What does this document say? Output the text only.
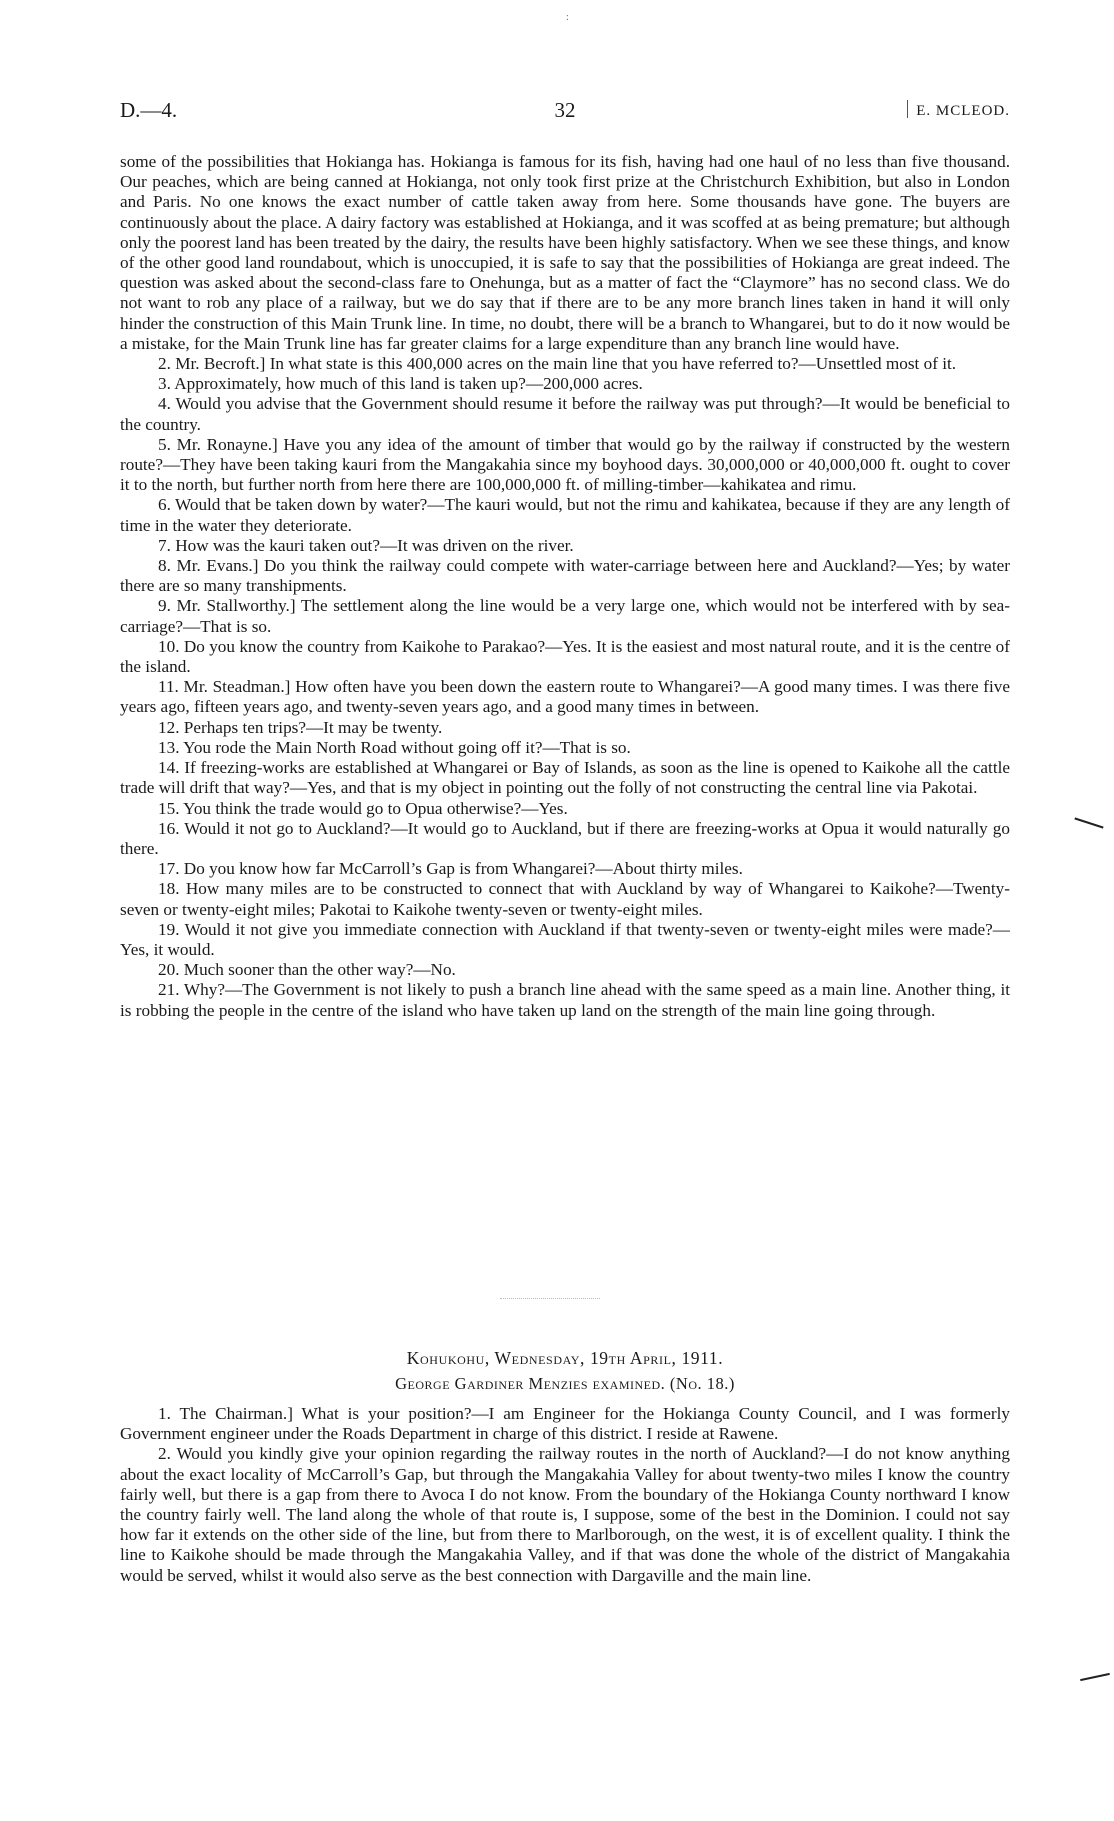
:
D.—4.	32	E. MCLEOD.

some of the possibilities that Hokianga has. Hokianga is famous for its fish, having had one haul of no less than five thousand. Our peaches, which are being canned at Hokianga, not only took first prize at the Christchurch Exhibition, but also in London and Paris. No one knows the exact number of cattle taken away from here. Some thousands have gone. The buyers are continuously about the place. A dairy factory was established at Hokianga, and it was scoffed at as being premature; but although only the poorest land has been treated by the dairy, the results have been highly satisfactory. When we see these things, and know of the other good land roundabout, which is unoccupied, it is safe to say that the possibilities of Hokianga are great indeed. The question was asked about the second-class fare to Onehunga, but as a matter of fact the “Claymore” has no second class. We do not want to rob any place of a railway, but we do say that if there are to be any more branch lines taken in hand it will only hinder the construction of this Main Trunk line. In time, no doubt, there will be a branch to Whangarei, but to do it now would be a mistake, for the Main Trunk line has far greater claims for a large expenditure than any branch line would have.

2. Mr. Becroft.] In what state is this 400,000 acres on the main line that you have referred to?—Unsettled most of it.

3. Approximately, how much of this land is taken up?—200,000 acres.

4. Would you advise that the Government should resume it before the railway was put through?—It would be beneficial to the country.

5. Mr. Ronayne.] Have you any idea of the amount of timber that would go by the railway if constructed by the western route?—They have been taking kauri from the Mangakahia since my boyhood days. 30,000,000 or 40,000,000 ft. ought to cover it to the north, but further north from here there are 100,000,000 ft. of milling-timber—kahikatea and rimu.

6. Would that be taken down by water?—The kauri would, but not the rimu and kahikatea, because if they are any length of time in the water they deteriorate.

7. How was the kauri taken out?—It was driven on the river.

8. Mr. Evans.] Do you think the railway could compete with water-carriage between here and Auckland?—Yes; by water there are so many transhipments.

9. Mr. Stallworthy.] The settlement along the line would be a very large one, which would not be interfered with by sea-carriage?—That is so.

10. Do you know the country from Kaikohe to Parakao?—Yes. It is the easiest and most natural route, and it is the centre of the island.

11. Mr. Steadman.] How often have you been down the eastern route to Whangarei?—A good many times. I was there five years ago, fifteen years ago, and twenty-seven years ago, and a good many times in between.

12. Perhaps ten trips?—It may be twenty.

13. You rode the Main North Road without going off it?—That is so.

14. If freezing-works are established at Whangarei or Bay of Islands, as soon as the line is opened to Kaikohe all the cattle trade will drift that way?—Yes, and that is my object in pointing out the folly of not constructing the central line via Pakotai.

15. You think the trade would go to Opua otherwise?—Yes.

16. Would it not go to Auckland?—It would go to Auckland, but if there are freezing-works at Opua it would naturally go there.

17. Do you know how far McCarroll’s Gap is from Whangarei?—About thirty miles.

18. How many miles are to be constructed to connect that with Auckland by way of Whangarei to Kaikohe?—Twenty-seven or twenty-eight miles; Pakotai to Kaikohe twenty-seven or twenty-eight miles.

19. Would it not give you immediate connection with Auckland if that twenty-seven or twenty-eight miles were made?—Yes, it would.

20. Much sooner than the other way?—No.

21. Why?—The Government is not likely to push a branch line ahead with the same speed as a main line. Another thing, it is robbing the people in the centre of the island who have taken up land on the strength of the main line going through.

Kohukohu, Wednesday, 19th April, 1911.
George Gardiner Menzies examined. (No. 18.)

1. The Chairman.] What is your position?—I am Engineer for the Hokianga County Council, and I was formerly Government engineer under the Roads Department in charge of this district. I reside at Rawene.

2. Would you kindly give your opinion regarding the railway routes in the north of Auckland?—I do not know anything about the exact locality of McCarroll’s Gap, but through the Mangakahia Valley for about twenty-two miles I know the country fairly well, but there is a gap from there to Avoca I do not know. From the boundary of the Hokianga County northward I know the country fairly well. The land along the whole of that route is, I suppose, some of the best in the Dominion. I could not say how far it extends on the other side of the line, but from there to Marlborough, on the west, it is of excellent quality. I think the line to Kaikohe should be made through the Mangakahia Valley, and if that was done the whole of the district of Mangakahia would be served, whilst it would also serve as the best connection with Dargaville and the main line.
